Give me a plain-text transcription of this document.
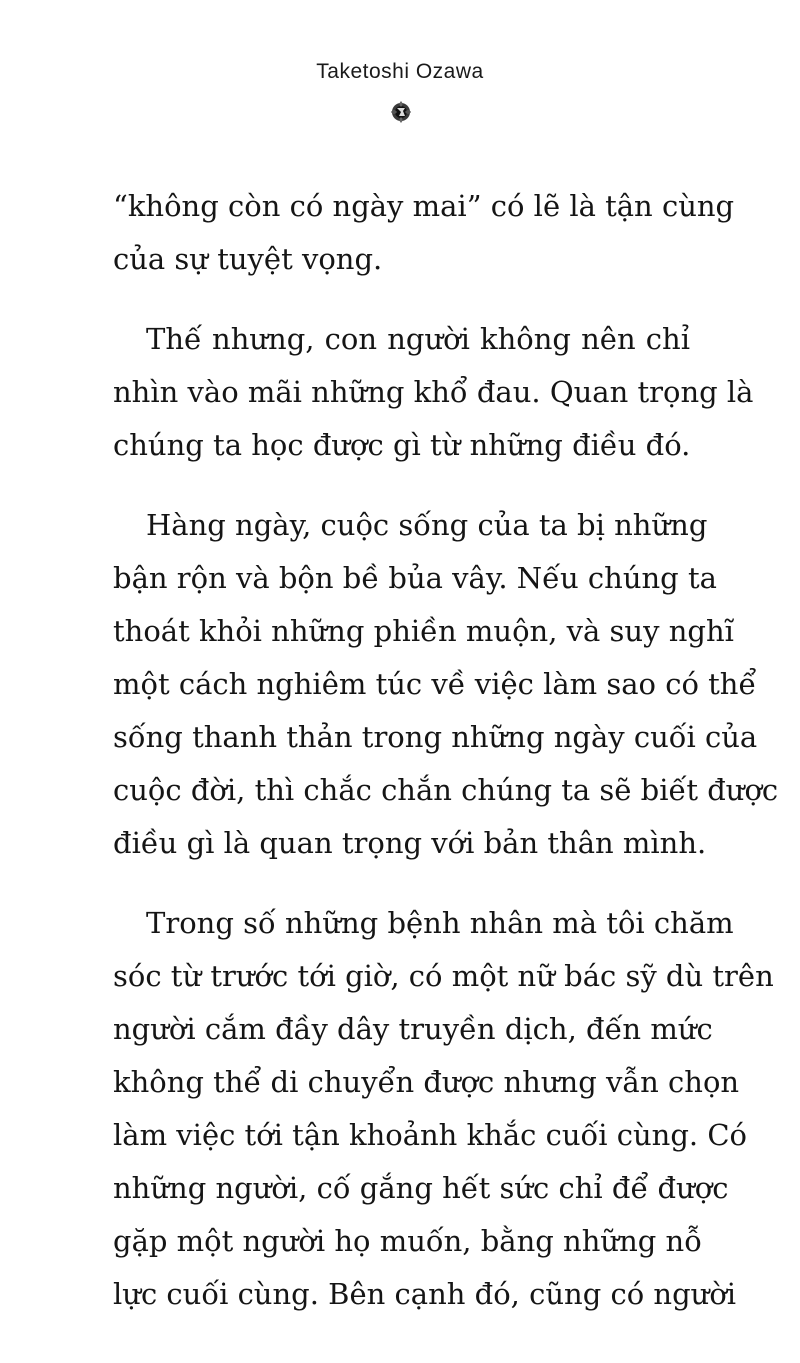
Taketoshi Ozawa
“không còn có ngày mai” có lẽ là tận cùng
của sự tuyệt vọng.
Thế nhưng, con người không nên chỉ
nhìn vào mãi những khổ đau. Quan trọng là
chúng ta học được gì từ những điều đó.
Hàng ngày, cuộc sống của ta bị những
bận rộn và bộn bề bủa vây. Nếu chúng ta
thoát khỏi những phiền muộn, và suy nghĩ
một cách nghiêm túc về việc làm sao có thể
sống thanh thản trong những ngày cuối của
cuộc đời, thì chắc chắn chúng ta sẽ biết được
điều gì là quan trọng với bản thân mình.
Trong số những bệnh nhân mà tôi chăm
sóc từ trước tới giờ, có một nữ bác sỹ dù trên
người cắm đầy dây truyền dịch, đến mức
không thể di chuyển được nhưng vẫn chọn
làm việc tới tận khoảnh khắc cuối cùng. Có
những người, cố gắng hết sức chỉ để được
gặp một người họ muốn, bằng những nỗ
lực cuối cùng. Bên cạnh đó, cũng có người
